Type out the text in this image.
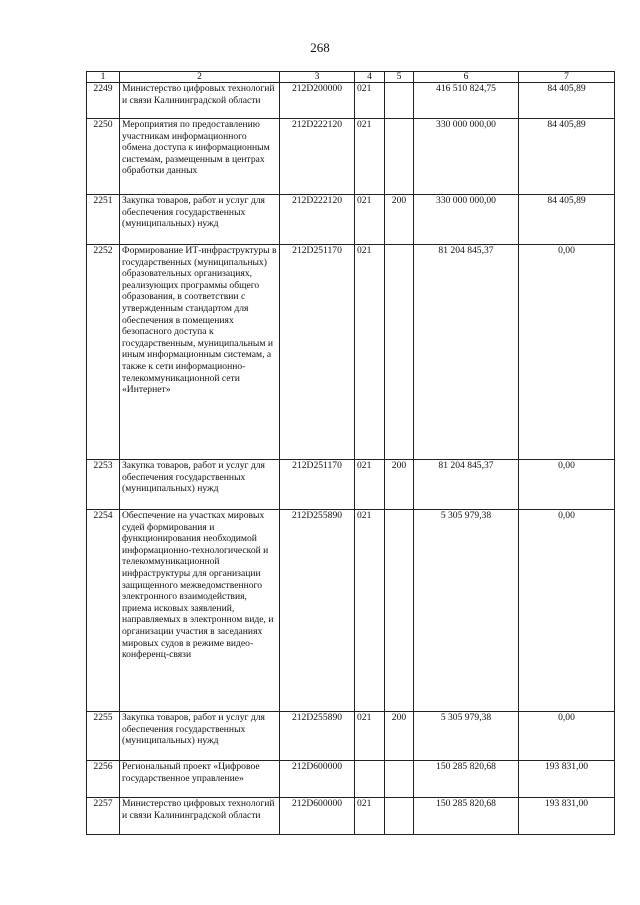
268
1	2	3	4	5	6	7
2249	Министерство цифровых технологий и связи Калининградской области	212D200000	021		416 510 824,75	84 405,89
2250	Мероприятия по предоставлению участникам информационного обмена доступа к информационным системам, размещенным в центрах обработки данных	212D222120	021		330 000 000,00	84 405,89
2251	Закупка товаров, работ и услуг для обеспечения государственных (муниципальных) нужд	212D222120	021	200	330 000 000,00	84 405,89
2252	Формирование ИТ-инфраструктуры в государственных (муниципальных) образовательных организациях, реализующих программы общего образования, в соответствии с утвержденным стандартом для обеспечения в помещениях безопасного доступа к государственным, муниципальным и иным информационным системам, а также к сети информационно-телекоммуникационной сети «Интернет»	212D251170	021		81 204 845,37	0,00
2253	Закупка товаров, работ и услуг для обеспечения государственных (муниципальных) нужд	212D251170	021	200	81 204 845,37	0,00
2254	Обеспечение на участках мировых судей формирования и функционирования необходимой информационно-технологической и телекоммуникационной инфраструктуры для организации защищенного межведомственного электронного взаимодействия, приема исковых заявлений, направляемых в электронном виде, и организации участия в заседаниях мировых судов в режиме видео-конференц-связи	212D255890	021		5 305 979,38	0,00
2255	Закупка товаров, работ и услуг для обеспечения государственных (муниципальных) нужд	212D255890	021	200	5 305 979,38	0,00
2256	Региональный проект «Цифровое государственное управление»	212D600000			150 285 820,68	193 831,00
2257	Министерство цифровых технологий и связи Калининградской области	212D600000	021		150 285 820,68	193 831,00
